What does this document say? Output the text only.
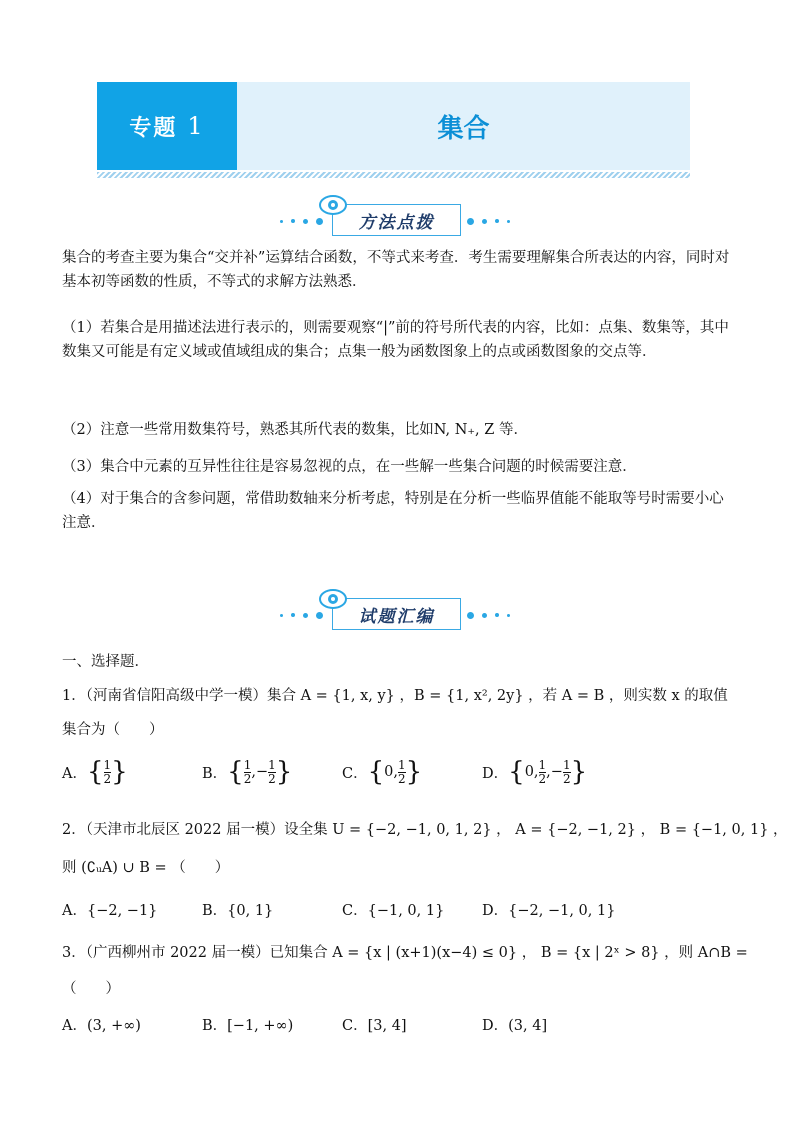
专题 1	集合
方法点拨
集合的考查主要为集合“交并补”运算结合函数，不等式来考查．考生需要理解集合所表达的内容，同时对基本初等函数的性质，不等式的求解方法熟悉．
（1）若集合是用描述法进行表示的，则需要观察“|”前的符号所代表的内容，比如：点集、数集等，其中数集又可能是有定义域或值域组成的集合；点集一般为函数图象上的点或函数图象的交点等．
（2）注意一些常用数集符号，熟悉其所代表的数集，比如N, N₊, Z 等．
（3）集合中元素的互异性往往是容易忽视的点，在一些解一些集合问题的时候需要注意．
（4）对于集合的含参问题，常借助数轴来分析考虑，特别是在分析一些临界值能不能取等号时需要小心注意．
试题汇编
一、选择题．
1．（河南省信阳高级中学一模）集合 A = {1, x, y} ，B = {1, x², 2y} ，若 A = B ，则实数 x 的取值
集合为（　　）
A． { $\frac{1}{2}$ }	B． { $\frac{1}{2}$ , − $\frac{1}{2}$ }	C． { 0, $\frac{1}{2}$ }	D． { 0, $\frac{1}{2}$ , − $\frac{1}{2}$ }
2．（天津市北辰区 2022 届一模）设全集 U = {−2, −1, 0, 1, 2} ， A = {−2, −1, 2} ， B = {−1, 0, 1} ，
则 (∁ᵤA) ∪ B = （　　）
A．{−2, −1}	B．{0, 1}	C．{−1, 0, 1}	D．{−2, −1, 0, 1}
3．（广西柳州市 2022 届一模）已知集合 A = {x | (x+1)(x−4) ≤ 0} ， B = {x | 2ˣ > 8} ，则 A∩B =
（　　）
A．(3, +∞)	B．[−1, +∞)	C．[3, 4]	D．(3, 4]
